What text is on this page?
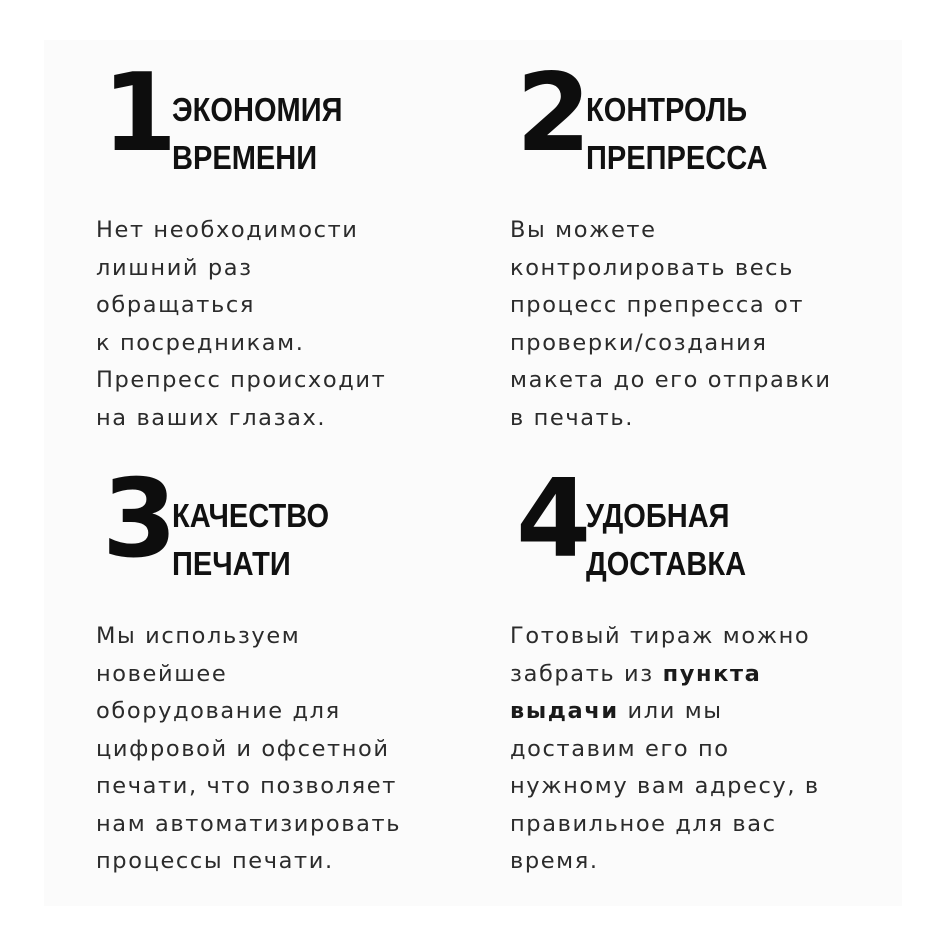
1
ЭКОНОМИЯ
ВРЕМЕНИ
Нет необходимости
лишний раз
обращаться
к посредникам.
Препресс происходит
на ваших глазах.
2
КОНТРОЛЬ
ПРЕПРЕССА
Вы можете
контролировать весь
процесс препресса от
проверки/создания
макета до его отправки
в печать.
3
КАЧЕСТВО
ПЕЧАТИ
Мы используем
новейшее
оборудование для
цифровой и офсетной
печати, что позволяет
нам автоматизировать
процессы печати.
4
УДОБНАЯ
ДОСТАВКА
Готовый тираж можно
забрать из пункта
выдачи или мы
доставим его по
нужному вам адресу, в
правильное для вас
время.
